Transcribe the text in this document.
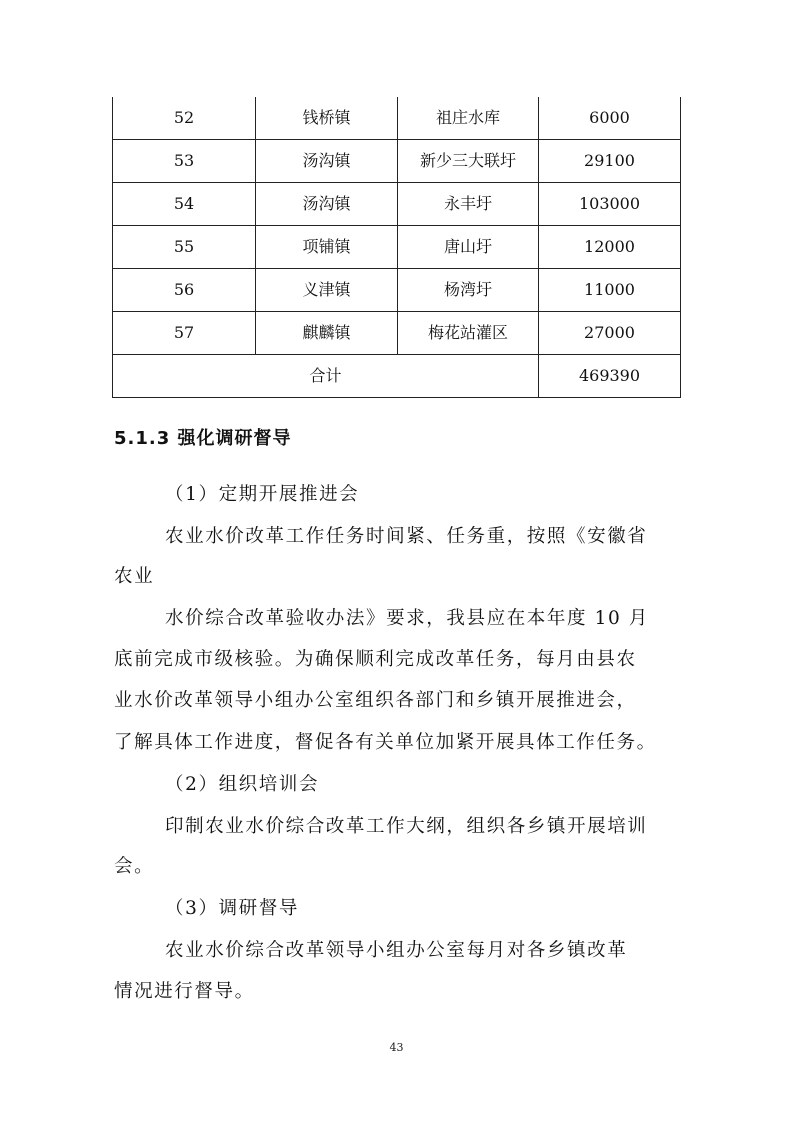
52	钱桥镇	祖庄水库	6000
53	汤沟镇	新少三大联圩	29100
54	汤沟镇	永丰圩	103000
55	项铺镇	唐山圩	12000
56	义津镇	杨湾圩	11000
57	麒麟镇	梅花站灌区	27000
合计			469390
5.1.3 强化调研督导
（1）定期开展推进会
农业水价改革工作任务时间紧、任务重，按照《安徽省
农业
水价综合改革验收办法》要求，我县应在本年度 10 月
底前完成市级核验。为确保顺利完成改革任务，每月由县农
业水价改革领导小组办公室组织各部门和乡镇开展推进会，
了解具体工作进度，督促各有关单位加紧开展具体工作任务。
（2）组织培训会
印制农业水价综合改革工作大纲，组织各乡镇开展培训
会。
（3）调研督导
农业水价综合改革领导小组办公室每月对各乡镇改革
情况进行督导。
43
